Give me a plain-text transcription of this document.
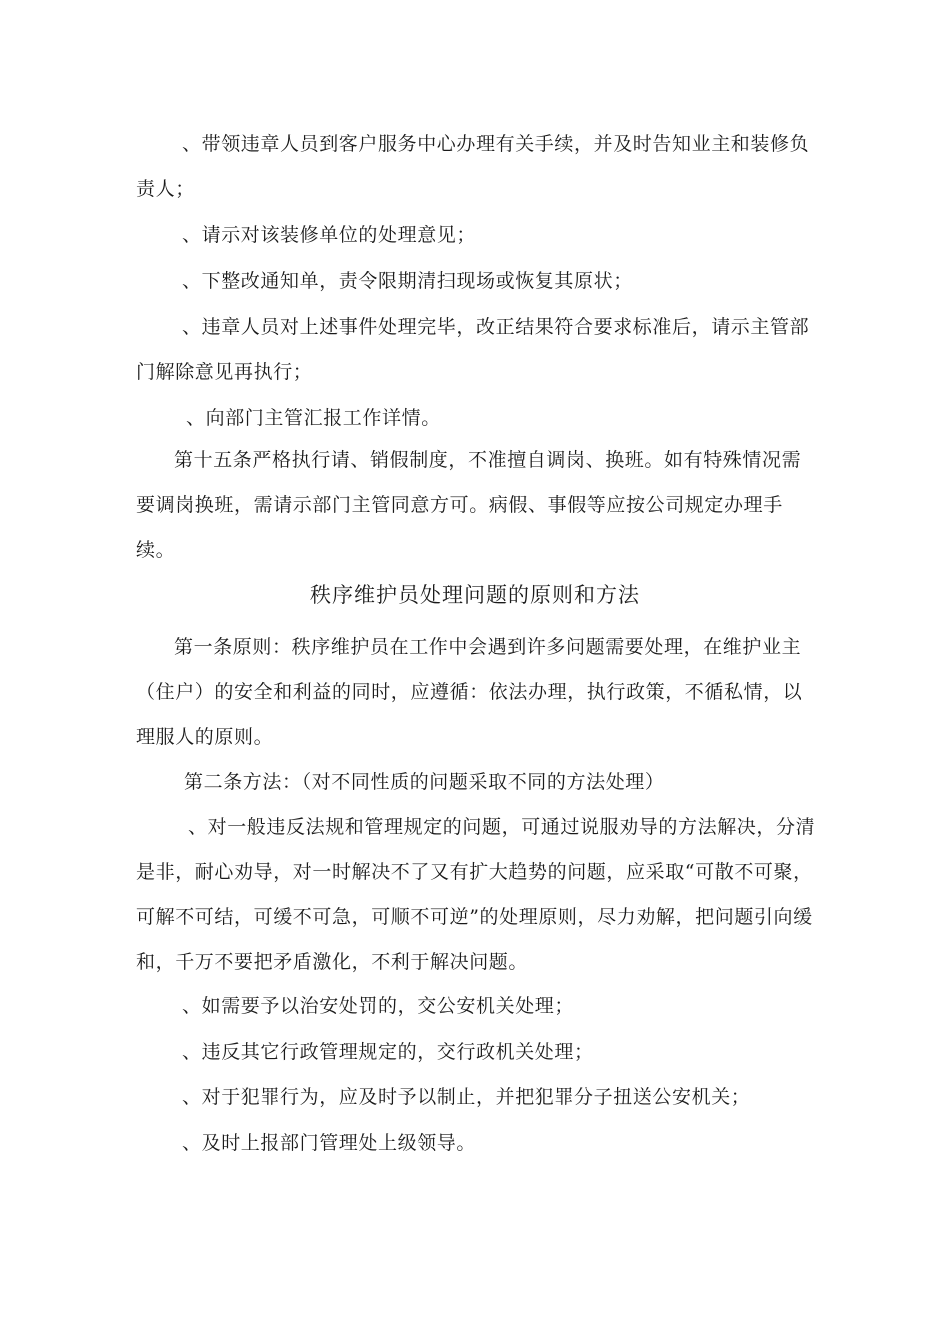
、带领违章人员到客户服务中心办理有关手续，并及时告知业主和装修负责人；
、请示对该装修单位的处理意见；
、下整改通知单，责令限期清扫现场或恢复其原状；
、违章人员对上述事件处理完毕，改正结果符合要求标准后，请示主管部门解除意见再执行；
、向部门主管汇报工作详情。
第十五条严格执行请、销假制度，不准擅自调岗、换班。如有特殊情况需要调岗换班，需请示部门主管同意方可。病假、事假等应按公司规定办理手续。
秩序维护员处理问题的原则和方法
第一条原则：秩序维护员在工作中会遇到许多问题需要处理，在维护业主（住户）的安全和利益的同时，应遵循：依法办理，执行政策，不循私情，以理服人的原则。
第二条方法：（对不同性质的问题采取不同的方法处理）
、对一般违反法规和管理规定的问题，可通过说服劝导的方法解决，分清是非，耐心劝导，对一时解决不了又有扩大趋势的问题，应采取“可散不可聚，可解不可结，可缓不可急，可顺不可逆”的处理原则，尽力劝解，把问题引向缓和，千万不要把矛盾激化，不利于解决问题。
、如需要予以治安处罚的，交公安机关处理；
、违反其它行政管理规定的，交行政机关处理；
、对于犯罪行为，应及时予以制止，并把犯罪分子扭送公安机关；
、及时上报部门管理处上级领导。
